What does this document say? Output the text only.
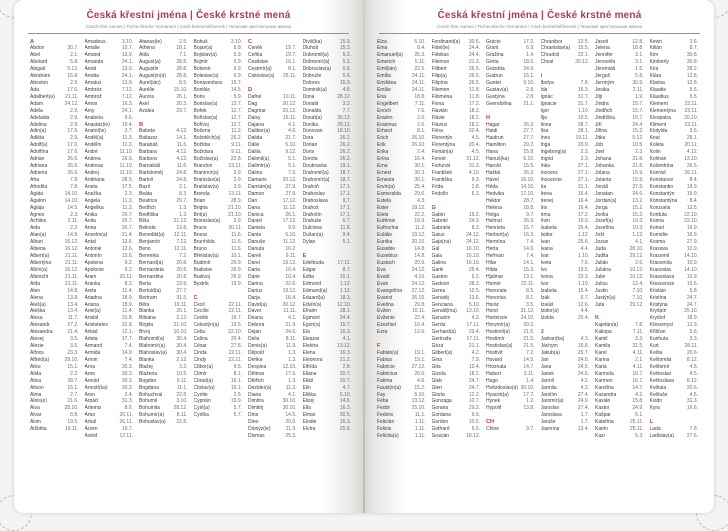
Česká křestní jména | České krstné mená
Czech first names | Tschechische Vornamen | Cseh keresztelőnevek | Чешские крестильные имена
A
Abdon	30.7.
Ábel	2.1.
Abelard	5.8.
Abigail	5.12.
Abrahám	16.8.
Absolon	2.9.
Ada	17.6.
Adalbert(a)	21.11.
Adam	24.12.
Adéla	2.9.
Adelaida	2.9.
Adelina	2.9.
Adin(a)	17.6.
Adléta	2.9.
Adolf(a)	17.6.
Adolfína	17.6.
Adrian	26.6.
Adriana	26.6.
Adriena	26.6.
Afra	7.8.
Afrodita	7.8.
Agáta	14.10.
Agaton	14.10.
Aglája	14.5.
Agnes	2.3.
Achiles	2.11.
Aida	2.2.
Alan(a)	14.8.
Alban	16.12.
Albena	16.12.
Albert(a)	21.11.
Albertýna	21.11.
Albín(a)	16.12.
Albrecht	21.11.
Alda	21.11.
Alen	14.8.
Alena	13.8.
Aleš(a)	13.4.
Aleška	13.4.
Alexa	11.7.
Alexandr	27.2.
Alexandra	21.4.
Alexej	3.5.
Alexie	3.5.
Alfons	23.3.
Alfréd(a)	28.10.
Alice	15.1.
Alida	2.2.
Alina	28.7.
Alison	15.1.
Alma	2.7.
Alois(e)	21.6.
Alva	28.10.
Alvar	8.8.
Alvin	19.5.
Alžběta	19.11.
Amadeus	3.10.
Amálie	10.7.
Amand	13.9.
Amanda	24.1.
Amát	13.9.
Amáta	24.1.
Amatus	13.9.
Ambróz	7.12.
Ambrož	7.12.
Ámos	16.3.
Amy	24.1.
Anabela	9.6.
Anastáz(ie)	15.4.
Anatol(ie)	3.7.
Anděl(a)	11.3.
Andělín	11.3.
André	11.10.
Andrea	26.9.
Andreas	11.10.
Andrej	11.10.
Andriana	28.9.
Aneta	17.5.
Anežka	2.3.
Angela	11.3.
Angelika	11.3.
Anika	26.7.
Anita	26.7.
Anna	26.7.
Anselm(a)	21.4.
Antal	13.6.
Antonie	12.6.
Antonín	13.6.
Apolena	9.2.
Apolonie	9.2.
Aram	26.11.
Aranka	8.2.
Areta	11.4.
Ariadna	18.9.
Ariana	18.9.
Ariel(a)	11.4.
Aristid	31.8.
Aristoteles	31.8.
Arkád	12.1.
Arleta	17.7.
Armand	7.4.
Armida	14.9.
Armin	7.4.
Arna	30.3.
Arne	30.3.
Arnold	30.3.
Arnošt(ka)	30.3.
Áron	2.4.
Árpád	31.3.
Artemis	8.6.
Artur	26.11.
Artuš	26.11.
Arzen	19.7.
Astrid	12.11.
Atanas(ie)	2.5.
Athéna	18.1.
Atila	7.1.
August(a)	28.8.
Augustin	28.8.
Augustýn(a)	28.8.
Aurel(ián)	8.5.
Aurélie	15.10.
Aurora	26.1.
Axel	20.3.
Azalea	29.7.
B
Babeta	4.12.
Baltazar	14.1.
Barabáš	11.6.
Barbara	4.12.
Barbora	4.12.
Barnabáš	11.6.
Bartoloměj	24.8.
Bartoš	24.8.
Bazil	2.1.
Beáta	8.3.
Beatrice	29.7.
Bedřich	1.3.
Bedřiška	1.3.
Běla	21.12.
Belinda	13.8.
Benedikt(a)	12.11.
Benjamín	7.12.
Beno	12.11.
Berenika	7.2.
Bernard(a)	20.8.
Bernardeta	20.8.
Bernardina	20.8.
Berta	23.9.
Bertold(a)	27.7.
Bertram	31.5.
Běta	19.11.
Bianka	20.1.
Bibiána	2.12.
Birgita	21.10.
Bivoj	10.10.
Blahomil(a)	30.4.
Blahomír(a)	30.4.
Blahoslav(a)	30.4.
Blanka	2.12.
Blažej	3.2.
Blažena	10.5.
Bogdan	9.11.
Bogdana	11.1.
Bohuchval	22.8.
Bohumil	3.10.
Bohumila	28.12.
Bohumír(a)	8.11.
Bohuslav(a)	22.8.
Bohuš	3.10.
Bojan(a)	5.9.
Bojislav(a)	5.9.
Bojmír	5.9.
Bolemír	6.9.
Boleslav(a)	6.9.
Bonaventura	15.7.
Bonifác	14.5.
Boris	5.9.
Borislav(a)	12.7.
Bořek	12.7.
Bořislav(a)	12.7.
Bořivoj	12.7.
Božena	11.2.
Božetěch(a)	26.2.
Božidar	9.11.
Božidara	9.11.
Božislav(a)	22.8.
Brandon	13.11.
Branimír(a)	3.9.
Branislav(a)	3.9.
Bratislav(a)	3.9.
Brenda	13.11.
Brian	28.9.
Brigita	21.10.
Brit(a)	21.10.
Bronislav(a)	3.9.
Bruce	30.11.
Bruna	11.6.
Brunhilda	11.6.
Bruno	11.6.
Břetislav(a)	10.1.
Budimír	26.9.
Budislav	26.9.
Budivoj	26.9.
Bystrík	19.9.
C
Cecil	22.11.
Cecílie	22.11.
Cedrik	16.7.
Celestýn(a)	19.5.
Celia	23.10.
Celina	20.4.
César	27.8.
Cinda	22.11.
Cindy	22.11.
Ctibor(a)	9.5.
Ctimír	8.1.
Ctirad(a)	16.1.
Ctislav(a)	16.1.
Cyntie	2.5.
Cyprián	19.9.
Cyril(a)	5.7.
Cyrilka	5.7.
Č
Čeněk	19.7.
Čeňka	19.7.
Čestislav	16.1.
Čestmír(a)	8.1.
Čistoslav(a)	25.11.
D
Dafné	10.11.
Dag	20.12.
Dagmar	20.12.
Daisy	16.11.
Dajana	4.1.
Dalibor(a)	4.6.
Dalida	21.7.
Dálie	5.10.
Dalila	9.12.
Dalimil(a)	5.1.
Dalimír(a)	5.1.
Dalina	7.5.
Damaris	20.12.
Damián(a)	27.9.
Damon	27.9.
Dan	17.12.
Dana	11.12.
Danica	26.1.
Daniel	17.12.
Daniela	9.9.
Dante	6.10.
Danuše	11.12.
Danuta	16.2.
Darek	9.11.
Darel	19.12.
Daria	10.4.
Dárie	10.4.
Darina	22.6.
Darius	19.12.
Darja	18.4.
David(a)	30.12.
Davor	11.11.
Deana	4.1.
Debora	21.9.
Dejan	24.6.
Delia	8.11.
Denis(a)	11.9.
Děpold	1.3.
Derika	1.3.
Despina	12.10.
Dětmar	17.5.
Dětřich	1.3.
Dezider(a)	11.2.
Diana	4.1.
Dimitra	30.10.
Dimitrij	30.10.
Dina	14.5.
Dino	20.6.
Dionýz(ie)	11.9.
Dismas	25.3.
Diviš(ka)	15.9.
Dluhoš	15.3.
Dobromil(a)	5.2.
Dobromír(a)	5.2.
Dobroslav(a)	5.6.
Dobruše	5.6.
Dolores	15.9.
Dominik(a)	4.8.
Dona	28.12.
Donald	3.2.
Donalda	7.7.
Donát(a)	30.12.
Donika	28.12.
Donovan	18.10.
Dora	26.2.
Dorian	26.2.
Doris	26.2.
Dorota	26.2.
Doubravka	19.1.
Drahomil(a)	18.7.
Drahomír(a)	18.7.
Drahoň	17.1.
Drahoslav	17.1.
Drahoslava	9.7.
Drahoš	17.1.
Drahotín	17.1.
Drahuše	6.7.
Dulcinea	11.8.
Dušan(a)	9.4.
Dylan	5.1.
E
Edeltruda	17.11.
Edgar	8.7.
Edita	10.1.
Edmond	1.12.
Edmund(a)	1.12.
Eduard(a)	18.3.
Edvín(a)	12.10.
Efraim	28.1.
Egmont	24.4.
Egon(a)	15.7.
Ela	16.3.
Eleazar	4.1.
Elektra	13.12.
Elena	16.3.
Eleonora	21.2.
Elfrída	2.8.
Eliana	20.7.
Eliáš	20.7.
Elin	4.7.
Eliška	5.10.
Elizej	14.6.
Ella	16.3.
Elmar	30.5.
Elodie	16.3.
Elvíra	25.8.
Česká křestní jména | České krstné mená
Czech first names | Tschechische Vornamen | Cseh keresztelőnevek | Чешские крестильные имена
Elza	5.10.
Ema	8.4.
Emanuel(a)	26.3.
Emerich	5.11.
Emil(ián)	22.5.
Emília	24.11.
Emiliána	24.11.
Emílie	24.11.
Ena	18.8.
Engelbert	7.11.
Enoch	7.6.
Erazim	2.6.
Erasmus	2.6.
Erhard	8.1.
Erich	26.10.
Erik	26.10.
Erika	2.4.
Erína	16.4.
Erna	30.1.
Ernest	30.3.
Ernesta	30.1.
Ervín(a)	25.4.
Esmeralda	29.6.
Estela	4.3.
Ester	19.12.
Etela	22.2.
Eufémie	18.9.
Eufrozína	11.2.
Eulálie	19.12.
Eunika	20.10.
Eusebie	14.8.
Eusebius	14.8.
Eustach	20.9.
Eva	24.12.
Evald	4.10.
Evan	24.12.
Evangelína	27.12.
Evarist	26.10.
Evelína	29.8.
Evžen	10.11.
Evženie	22.4.
Ezechiel	10.4.
Ezra	12.6.
F
Fabián(a)	19.1.
Fabius	19.1.
Fabricie	27.12.
Fabricius	26.6.
Fatima	4.6.
Faustýn(a)	15.2.
Fay	5.10.
Féba	13.12.
Fedor	25.10.
Fedora	11.1.
Felicián	1.11.
Felicie	1.11.
Felicita(s)	1.11.
Ferdinand(a)	30.5.
Fidel(ie)	24.4.
Fidelius	24.4.
Filemon	21.3.
Filibert	26.5.
Filip(a)	26.5.
Filipína	26.5.
Filomen	11.8.
Filoména	11.8.
Fiona	17.2.
Flavián	18.2.
Flávie	18.2.
Flavius	18.2.
Flóra	20.4.
Florentýn	4.5.
Florentýna	20.4.
Florián(a)	4.5.
Forest	31.12.
Fortunát	31.3.
František	4.10.
Františka	9.3.
Frída	2.8.
Fridolín	6.3.
G
Gabin	19.2.
Gabriel	24.3.
Gabriela	8.3.
Gaius	24.12.
Gaja(na)	24.12.
Gál	16.10.
Gala	16.10.
Galina	16.10.
Garik	25.4.
Gaston	6.2.
Gedeon	28.3.
Gema	12.5.
Genadij	13.6.
Genciana	5.10.
Gerald(ína)	13.10.
Gerazim	4.3.
Gerda	17.11.
Gerhard(a)	23.4.
Gertruda	17.11.
Géza	21.1.
Gilbert(a)	4.2.
Gina	7.9.
Gita	10.4.
Gizela	18.2.
Gleb	24.7.
Glen	24.7.
Gloria	12.2.
Gonzaga	10.7.
Gorana	29.2.
Gordana	9.9.
Gordon	10.5.
Gothard	5.5.
Gracián	18.12.
Grácie	17.2.
Grant	6.9.
Gražina	1.4.
Gréta	18.6.
Grizelda	24.9.
Gudrun	15.1.
Gunter	9.10.
Gustav(a)	2.8.
Gustýna	2.8.
Gvendolína	21.1.
H
Hagar	26.3.
Haidi	27.7.
Haidrun	27.7.
Hamilton	29.2.
Hana	15.8.
Hanuš(ka)	6.10.
Harold	15.5.
Haštal	26.3.
Havel	16.10.
Héda	14.10.
Hedvika	17.10.
Hektor	28.7.
Helena	18.8.
Helga	9.7.
Helmut	26.9.
Henrieta	15.7.
Herbert(a)	16.3.
Hermína	7.4.
Herta	14.6.
Heřman	7.4.
Hilar	14.1.
Hilda	15.3.
Hjalmar	13.1.
Homér	22.11.
Honorata	8.5.
Honorius	8.1.
Horác	3.5.
Horst	31.12.
Hortensie	24.10.
Horymír(a)	29.2.
Hostimil(a)	21.5.
Hostimír	21.5.
Hostislav(a)	21.5.
Hostivít	7.2.
Hovard	14.5.
Hroznata	14.7.
Hubert	3.11.
Hugo	1.4.
Hvězdoslav(a) 30.10.
Hyacint(a)	17.7.
Hynek	1.2.
Hypolit	13.8.
CH
Chloe	9.7.
Chranibor	13.5.
Chranislav(a)	15.5.
Chrudoš	23.1.
Chval	30.12.
I
Ibolya	7.8.
Ida	15.3.
Ignác	31.7.
Ignácie	31.7.
Igor	1.10.
Ilja	10.5.
Ilona	28.7.
Ilsa	28.1.
Ines	19.11.
Inga	20.9.
Ingeborg(a)	2.3.
Ingrid	2.3.
Inka	27.1.
Inocenc	27.1.
Inocencie	27.1.
Ira	31.1.
Irena	16.4.
Irenej	16.4.
Iris	16.4.
Irma	17.2.
Irvin	10.9.
Isabela	25.4.
Isidor	1.12.
Ivan	25.6.
Ivana	4.4.
Ivar	1.10.
Iveta	7.6.
Ivo	19.5.
Ivona	23.3.
Ivor	1.10.
Izabela	15.4.
Izák	6.7.
Izaiáš	12.6.
Izidor(a)	4.4.
Izolda	25.4.
J
Jadran(ka)	4.3.
Jáchym	16.8.
Jakub(a)	25.7.
Jan	24.6.
Jana	24.5.
Janek	24.6.
Jarmil	4.2.
Jarmila	4.2.
Jarolím	27.4.
Jaromír(a)	24.9.
Jaroslav	27.4.
Jaroslava	1.7.
Jaruše	1.7.
Jasmína	13.4.
Jasoň	12.8.
Jelena	18.8.
Jennifer	3.1.
Jenovéfa	3.1.
Jeremiáš	1.5.
Jerguš	5.8.
Jeroným	30.9.
Jesika	2.11.
Jiljí	1.9.
Jindra	15.7.
Jindřich	15.7.
Jindřiška	15.7.
Jiří	24.4.
Jiřina	15.2.
Jitka	5.12.
Job	10.5.
Joel	2.3.
Johana	21.8.
Johanka	21.8.
Jolana	15.9.
Jolanta	15.9.
Jonáš	27.9.
Jonatan	24.6.
Jordan(a)	13.2.
Jorga	15.2.
Jorika	15.2.
Josef(a)	19.3.
Josefína	19.3.
Jošt	1.12.
Jozue	4.1.
Juda	28.10.
Judita	29.12.
Julián	2.6.
Juliána	10.12.
Julie	10.12.
Julius	12.4.
Justin	7.10.
Justýn(a)	7.10.
Juta	29.12.
K
Kajetán(a)	7.8.
Kaliopa	7.11.
Kamil	3.3.
Kamila	31.5.
Karel	4.11.
Karina	2.1.
Karla	4.11.
Karmela	16.7.
Karmen	16.7.
Karolína	14.7.
Kasandra	4.2.
Kasián	15.8.
Kastor	24.9.
Kašpar	6.1.
Kateřina	25.11.
Katrin	25.11.
Kazi	5.3.
Kevin	3.6.
Kilián	8.7.
Kim	30.8.
Kimberly	30.8.
Kira	28.2.
Klára	12.8.
Klarisa	12.8.
Klaudie	5.5.
Klaudius	5.5.
Klement	23.11.
Klementýna	23.11.
Kleopatra	20.10.
Kliment	23.11.
Klotylda	3.6.
Knut	28.1.
Koleta	20.11.
Kolin	4.12.
Kolman	13.10.
Kolombína	26.5.
Konrád	26.11.
Konstance	8.4.
Konstantin	19.9.
Konstantýn	19.9.
Konstantýna	8.4.
Konzuela	13.5.
Kordula	22.10.
Korina	23.10.
Kornel	16.9.
Kornélie	16.9.
Kosma	27.9.
Krasava	10.9.
Krasomil	14.10.
Krasomila	10.9.
Krasoslav	14.10.
Krasoslava	10.9.
Krescencie	15.6.
Kristián	5.8.
Kristína	24.7.
Kristýna	24.7.
Kryšpín	25.10.
Kryštof	18.9.
Křesomysl	12.3.
Křišťan	5.8.
Kunhuta	3.3.
Kurt	28.11.
Květa	20.6.
Květomila	8.12.
Květomír	4.5.
Květoslav	4.5.
Květoslava	8.12.
Květula	20.6.
Květuše	4.5.
Kvido	31.3.
Kyra	16.6.
L
Lada	7.8.
Ladislav(a)	27.6.
